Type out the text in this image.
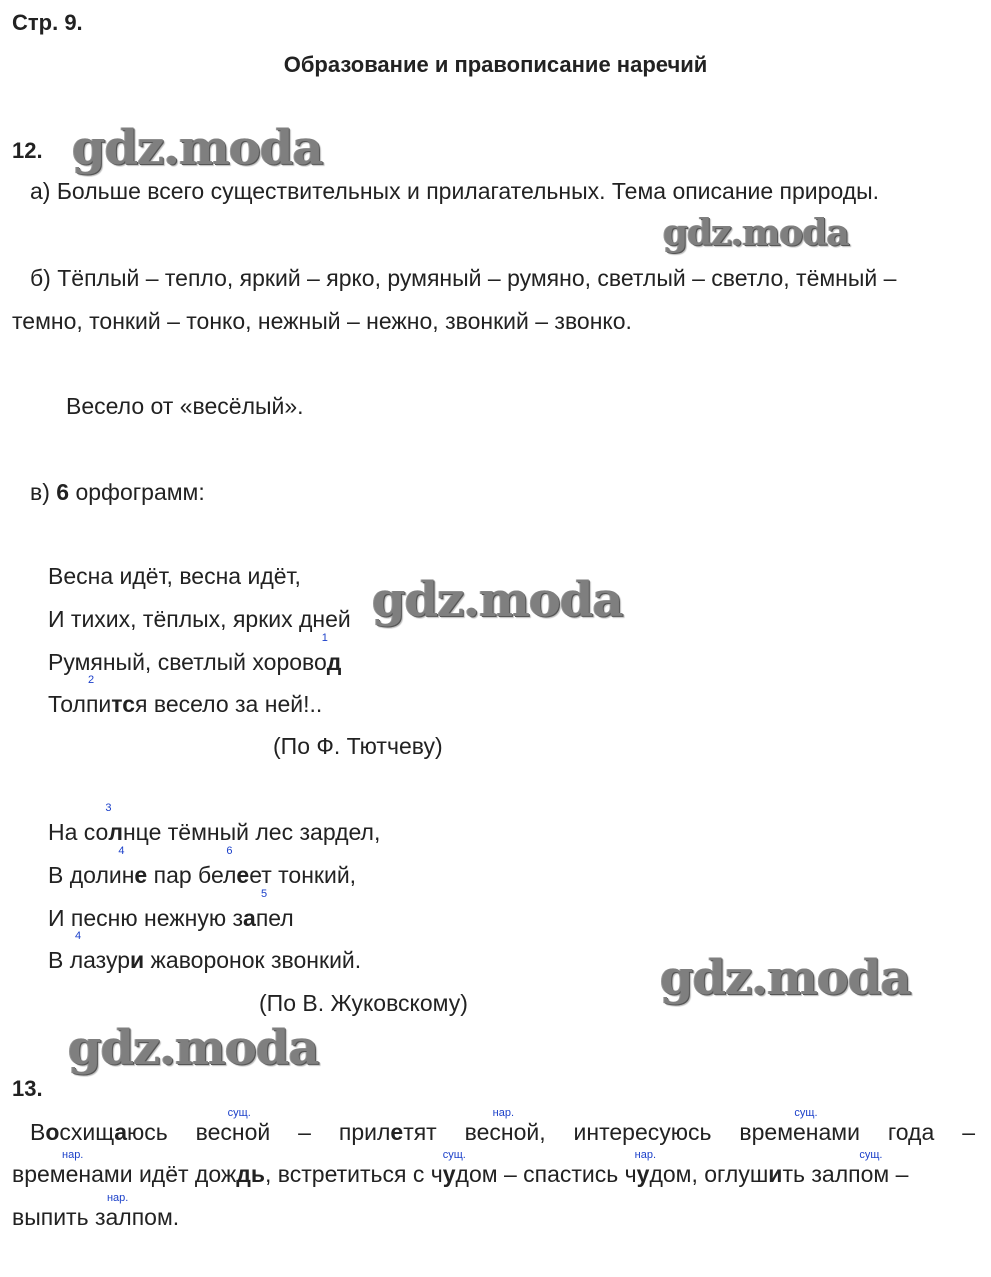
Стр. 9.
Образование и правописание наречий
12.
а) Больше всего существительных и прилагательных. Тема описание природы.
б) Тёплый – тепло, яркий – ярко, румяный – румяно, светлый – светло, тёмный –
темно, тонкий – тонко, нежный – нежно, звонкий – звонко.
Весело от «весёлый».
в) 6 орфограмм:
Весна идёт, весна идёт,
И тихих, тёплых, ярких дней
Румяный, светлый хорово
1
д
2
Толпится весело за ней!..
(По Ф. Тютчеву)
На со
3
лнце тёмный лес зардел,
В долин
4
е пар бел
6
еет тонкий,
И песню нежную з
5
апел
В лазур
4
и жаворонок звонкий.
(По В. Жуковскому)
13.
Восхищаюсь
сущ.
весной – прилетят
нар.
весной, интересуюсь
сущ.
временами года –
нар.
временами идёт дождь, встретиться с ч
сущ.
удом – спастись ч
нар.
удом, оглушить
сущ.
залпом –
выпить
нар.
залпом.
gdz.moda
gdz.moda
gdz.moda
gdz.moda
gdz.moda
